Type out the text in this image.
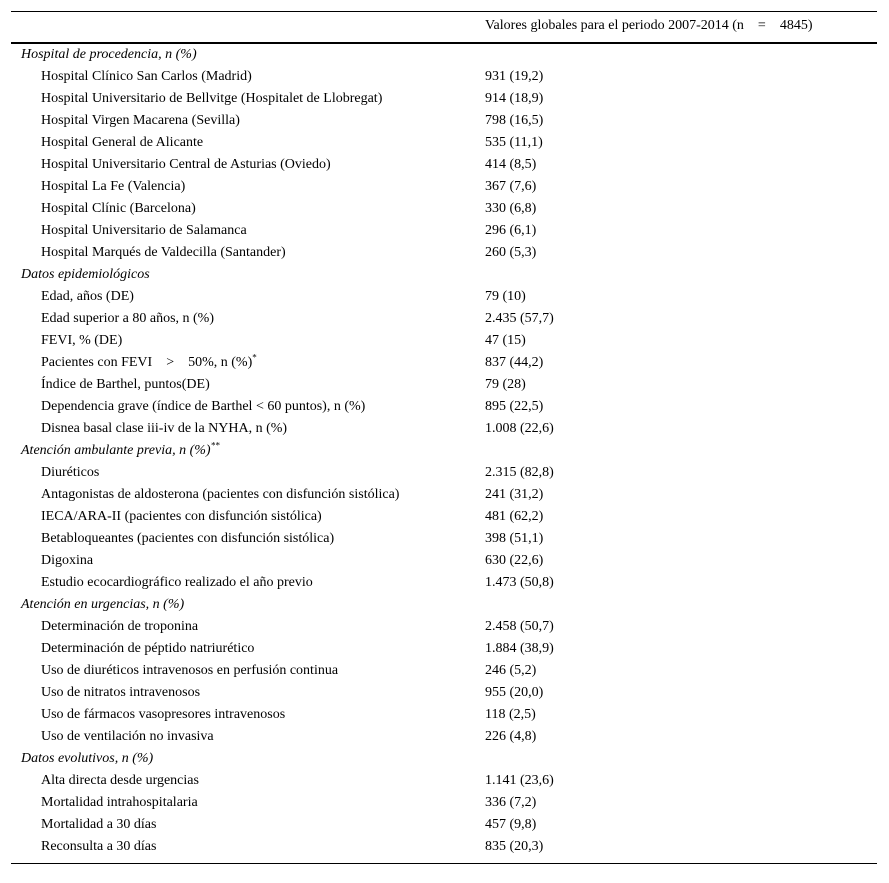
Valores globales para el periodo 2007-2014 (n  =  4845)
Hospital de procedencia, n (%)
Hospital Clínico San Carlos (Madrid)	931 (19,2)
Hospital Universitario de Bellvitge (Hospitalet de Llobregat)	914 (18,9)
Hospital Virgen Macarena (Sevilla)	798 (16,5)
Hospital General de Alicante	535 (11,1)
Hospital Universitario Central de Asturias (Oviedo)	414 (8,5)
Hospital La Fe (Valencia)	367 (7,6)
Hospital Clínic (Barcelona)	330 (6,8)
Hospital Universitario de Salamanca	296 (6,1)
Hospital Marqués de Valdecilla (Santander)	260 (5,3)
Datos epidemiológicos
Edad, años (DE)	79 (10)
Edad superior a 80 años, n (%)	2.435 (57,7)
FEVI, % (DE)	47 (15)
Pacientes con FEVI  >  50%, n (%)*	837 (44,2)
Índice de Barthel, puntos(DE)	79 (28)
Dependencia grave (índice de Barthel < 60 puntos), n (%)	895 (22,5)
Disnea basal clase iii-iv de la NYHA, n (%)	1.008 (22,6)
Atención ambulante previa, n (%)**
Diuréticos	2.315 (82,8)
Antagonistas de aldosterona (pacientes con disfunción sistólica)	241 (31,2)
IECA/ARA-II (pacientes con disfunción sistólica)	481 (62,2)
Betabloqueantes (pacientes con disfunción sistólica)	398 (51,1)
Digoxina	630 (22,6)
Estudio ecocardiográfico realizado el año previo	1.473 (50,8)
Atención en urgencias, n (%)
Determinación de troponina	2.458 (50,7)
Determinación de péptido natriurético	1.884 (38,9)
Uso de diuréticos intravenosos en perfusión continua	246 (5,2)
Uso de nitratos intravenosos	955 (20,0)
Uso de fármacos vasopresores intravenosos	118 (2,5)
Uso de ventilación no invasiva	226 (4,8)
Datos evolutivos, n (%)
Alta directa desde urgencias	1.141 (23,6)
Mortalidad intrahospitalaria	336 (7,2)
Mortalidad a 30 días	457 (9,8)
Reconsulta a 30 días	835 (20,3)
